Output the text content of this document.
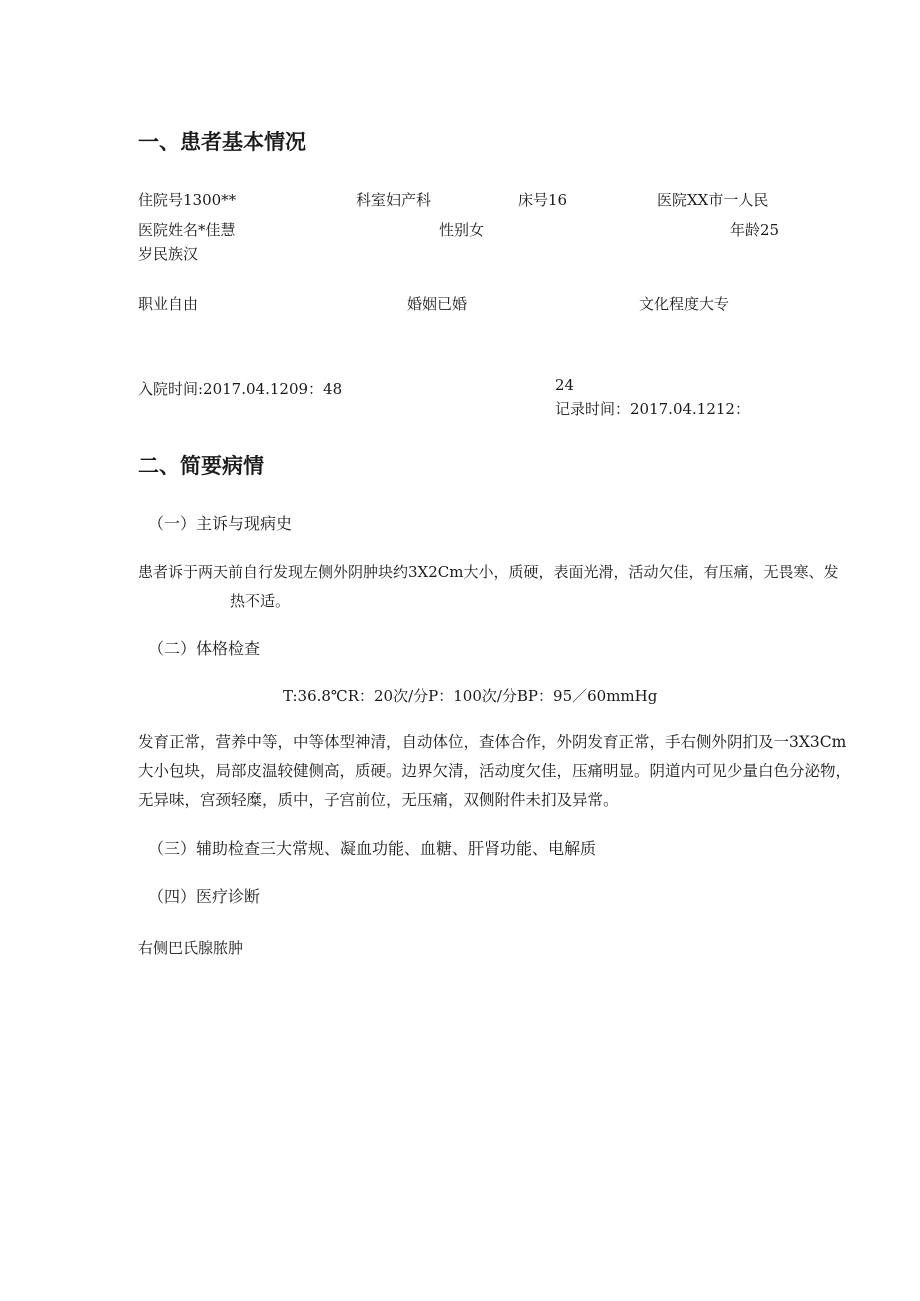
一、患者基本情况
住院号1300**	科室妇产科	床号16	医院XX市一人民
医院姓名*佳慧	性别女	年龄25
岁民族汉
职业自由	婚姻已婚	文化程度大专
入院时间:2017.04.1209：48	24
记录时间：2017.04.1212：
二、简要病情
（一）主诉与现病史
患者诉于两天前自行发现左侧外阴肿块约3X2Cm大小，质硬，表面光滑，活动欠佳，有压痛，无畏寒、发
热不适。
（二）体格检查
T:36.8℃R：20次/分P：100次/分BP：95／60mmHg
发育正常，营养中等，中等体型神清，自动体位，查体合作，外阴发育正常，手右侧外阴扪及一3X3Cm大小包块，局部皮温较健侧高，质硬。边界欠清，活动度欠佳，压痛明显。阴道内可见少量白色分泌物，无异味，宫颈轻糜，质中，子宫前位，无压痛，双侧附件未扪及异常。
（三）辅助检查三大常规、凝血功能、血糖、肝肾功能、电解质
（四）医疗诊断
右侧巴氏腺脓肿
